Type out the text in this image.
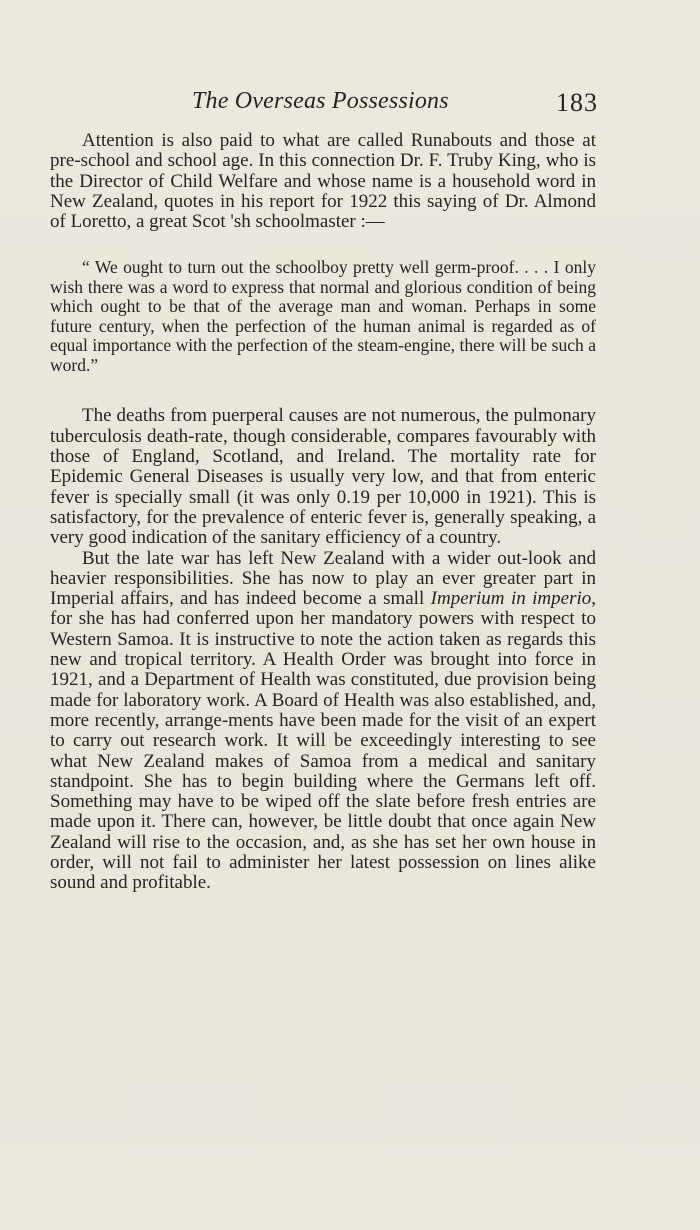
The Overseas Possessions	183

Attention is also paid to what are called Runabouts and those at pre-school and school age. In this connection Dr. F. Truby King, who is the Director of Child Welfare and whose name is a household word in New Zealand, quotes in his report for 1922 this saying of Dr. Almond of Loretto, a great Scot 'sh schoolmaster :—

“ We ought to turn out the schoolboy pretty well germ-proof. . . . I only wish there was a word to express that normal and glorious condition of being which ought to be that of the average man and woman. Perhaps in some future century, when the perfection of the human animal is regarded as of equal importance with the perfection of the steam-engine, there will be such a word.”

The deaths from puerperal causes are not numerous, the pulmonary tuberculosis death-rate, though considerable, compares favourably with those of England, Scotland, and Ireland. The mortality rate for Epidemic General Diseases is usually very low, and that from enteric fever is specially small (it was only 0.19 per 10,000 in 1921). This is satisfactory, for the prevalence of enteric fever is, generally speaking, a very good indication of the sanitary efficiency of a country.

But the late war has left New Zealand with a wider out-look and heavier responsibilities. She has now to play an ever greater part in Imperial affairs, and has indeed become a small Imperium in imperio, for she has had conferred upon her mandatory powers with respect to Western Samoa. It is instructive to note the action taken as regards this new and tropical territory. A Health Order was brought into force in 1921, and a Department of Health was constituted, due provision being made for laboratory work. A Board of Health was also established, and, more recently, arrange-ments have been made for the visit of an expert to carry out research work. It will be exceedingly interesting to see what New Zealand makes of Samoa from a medical and sanitary standpoint. She has to begin building where the Germans left off. Something may have to be wiped off the slate before fresh entries are made upon it. There can, however, be little doubt that once again New Zealand will rise to the occasion, and, as she has set her own house in order, will not fail to administer her latest possession on lines alike sound and profitable.
